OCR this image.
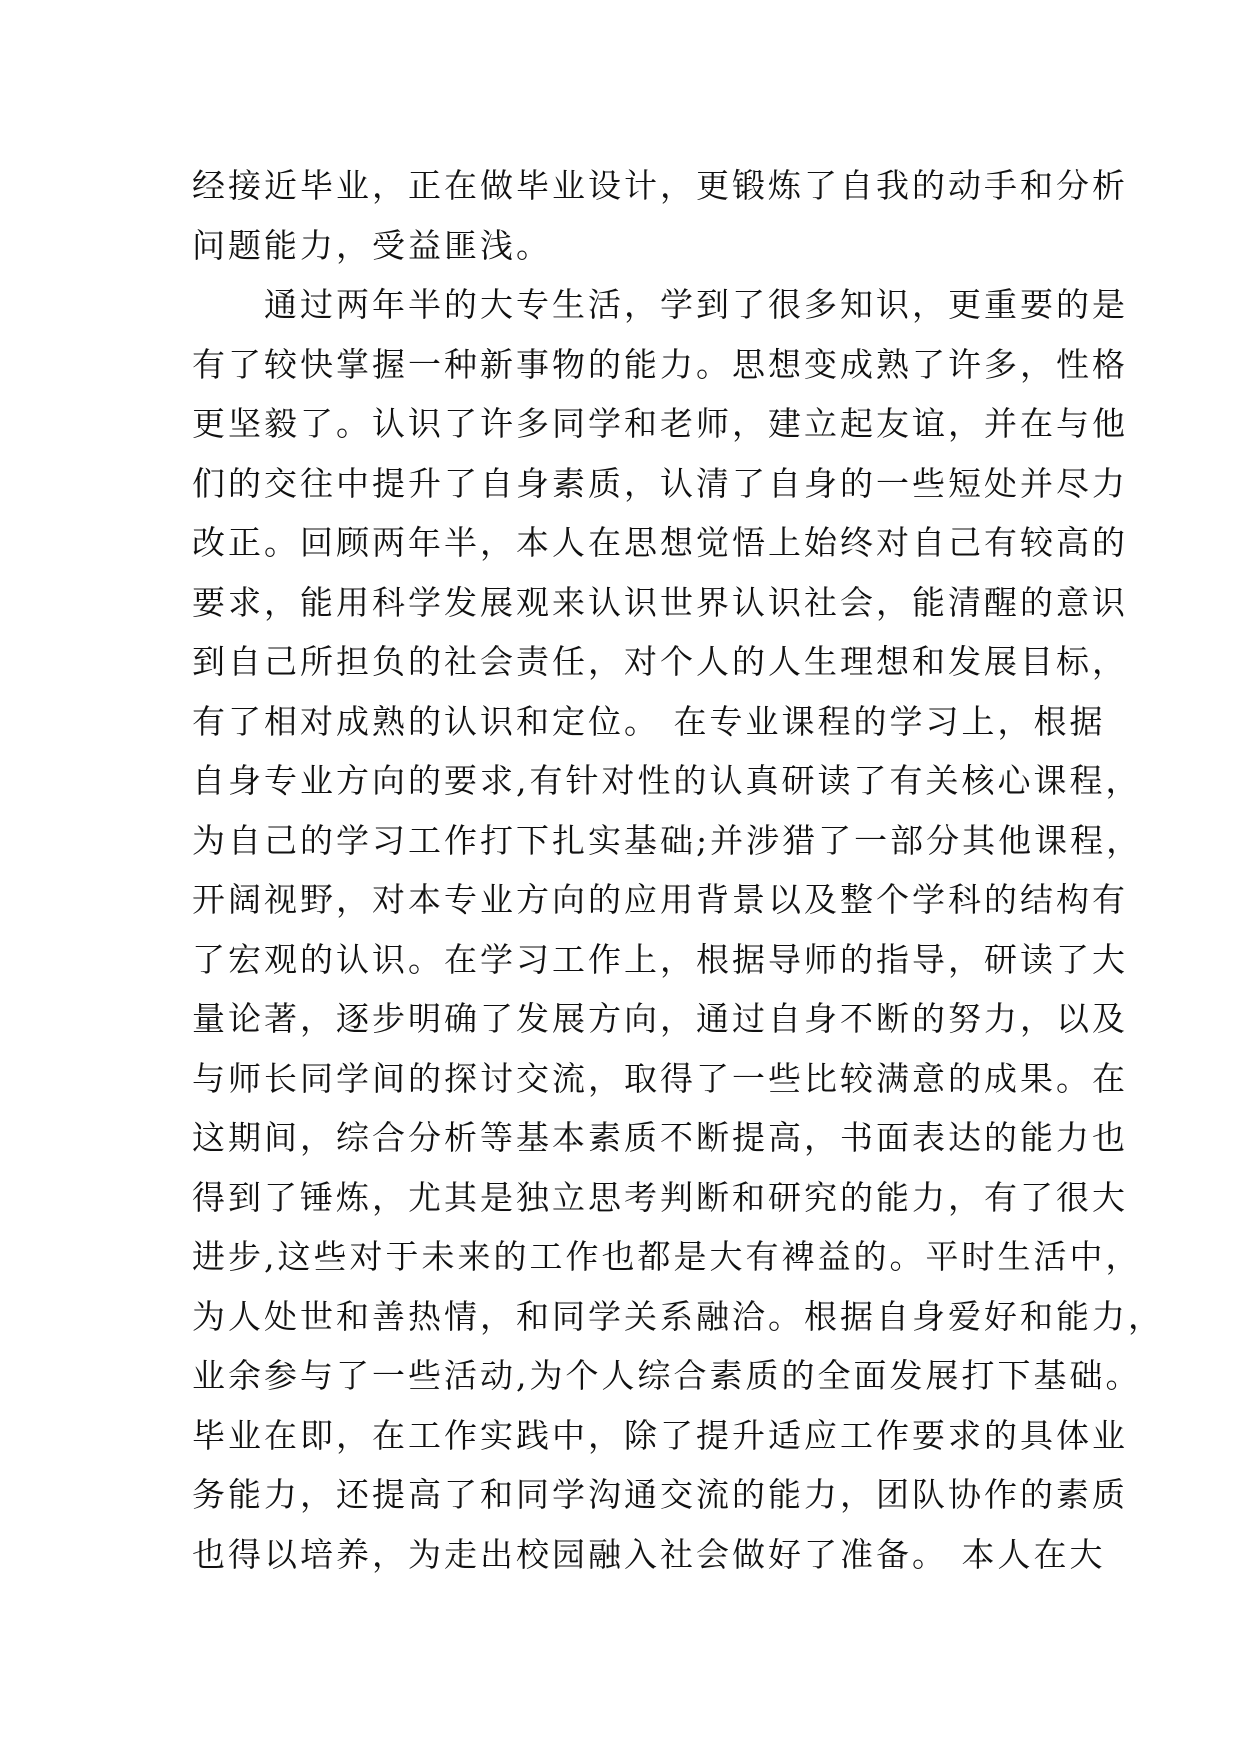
经接近毕业，正在做毕业设计，更锻炼了自我的动手和分析
问题能力，受益匪浅。
　　通过两年半的大专生活，学到了很多知识，更重要的是
有了较快掌握一种新事物的能力。思想变成熟了许多，性格
更坚毅了。认识了许多同学和老师，建立起友谊，并在与他
们的交往中提升了自身素质，认清了自身的一些短处并尽力
改正。回顾两年半，本人在思想觉悟上始终对自己有较高的
要求，能用科学发展观来认识世界认识社会，能清醒的意识
到自己所担负的社会责任，对个人的人生理想和发展目标，
有了相对成熟的认识和定位。 在专业课程的学习上，根据
自身专业方向的要求,有针对性的认真研读了有关核心课程，
为自己的学习工作打下扎实基础;并涉猎了一部分其他课程，
开阔视野，对本专业方向的应用背景以及整个学科的结构有
了宏观的认识。在学习工作上，根据导师的指导，研读了大
量论著，逐步明确了发展方向，通过自身不断的努力，以及
与师长同学间的探讨交流，取得了一些比较满意的成果。在
这期间，综合分析等基本素质不断提高，书面表达的能力也
得到了锤炼，尤其是独立思考判断和研究的能力，有了很大
进步,这些对于未来的工作也都是大有裨益的。平时生活中，
为人处世和善热情，和同学关系融洽。根据自身爱好和能力，
业余参与了一些活动,为个人综合素质的全面发展打下基础。
毕业在即，在工作实践中，除了提升适应工作要求的具体业
务能力，还提高了和同学沟通交流的能力，团队协作的素质
也得以培养，为走出校园融入社会做好了准备。 本人在大
